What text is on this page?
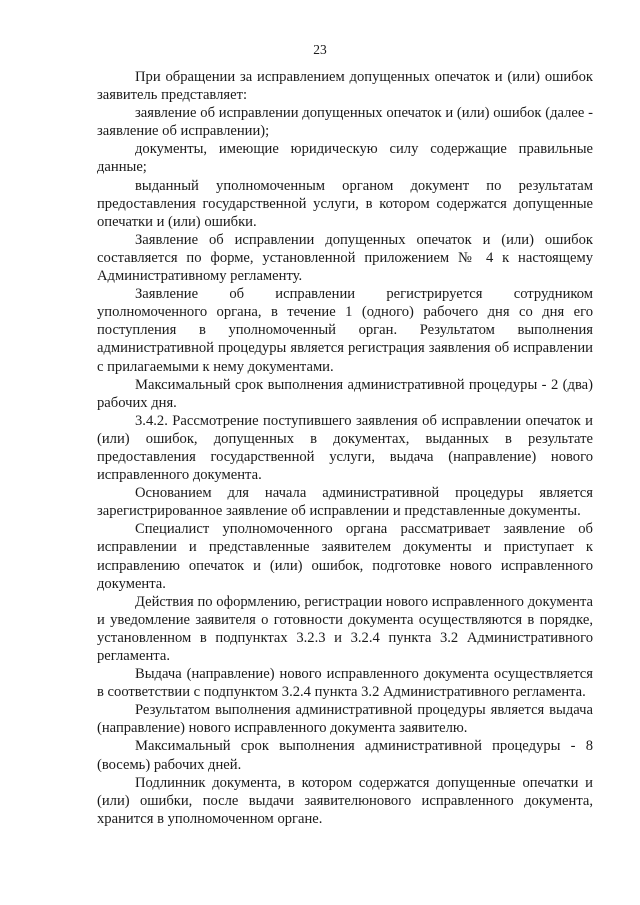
23

При обращении за исправлением допущенных опечаток и (или) ошибок заявитель представляет:

заявление об исправлении допущенных опечаток и (или) ошибок (далее - заявление об исправлении);

документы, имеющие юридическую силу содержащие правильные данные;

выданный уполномоченным органом документ по результатам предоставления государственной услуги, в котором содержатся допущенные опечатки и (или) ошибки.

Заявление об исправлении допущенных опечаток и (или) ошибок составляется по форме, установленной приложением № 4 к настоящему Административному регламенту.

Заявление об исправлении регистрируется сотрудником уполномоченного органа, в течение 1 (одного) рабочего дня со дня его поступления в уполномоченный орган. Результатом выполнения административной процедуры является регистрация заявления об исправлении с прилагаемыми к нему документами.

Максимальный срок выполнения административной процедуры - 2 (два) рабочих дня.

3.4.2. Рассмотрение поступившего заявления об исправлении опечаток и (или) ошибок, допущенных в документах, выданных в результате предоставления государственной услуги, выдача (направление) нового исправленного документа.

Основанием для начала административной процедуры является зарегистрированное заявление об исправлении и представленные документы.

Специалист уполномоченного органа рассматривает заявление об исправлении и представленные заявителем документы и приступает к исправлению опечаток и (или) ошибок, подготовке нового исправленного документа.

Действия по оформлению, регистрации нового исправленного документа и уведомление заявителя о готовности документа осуществляются в порядке, установленном в подпунктах 3.2.3 и 3.2.4 пункта 3.2 Административного регламента.

Выдача (направление) нового исправленного документа осуществляется в соответствии с подпунктом 3.2.4 пункта 3.2 Административного регламента.

Результатом выполнения административной процедуры является выдача (направление) нового исправленного документа заявителю.

Максимальный срок выполнения административной процедуры - 8 (восемь) рабочих дней.

Подлинник документа, в котором содержатся допущенные опечатки и (или) ошибки, после выдачи заявителюнового исправленного документа, хранится в уполномоченном органе.
